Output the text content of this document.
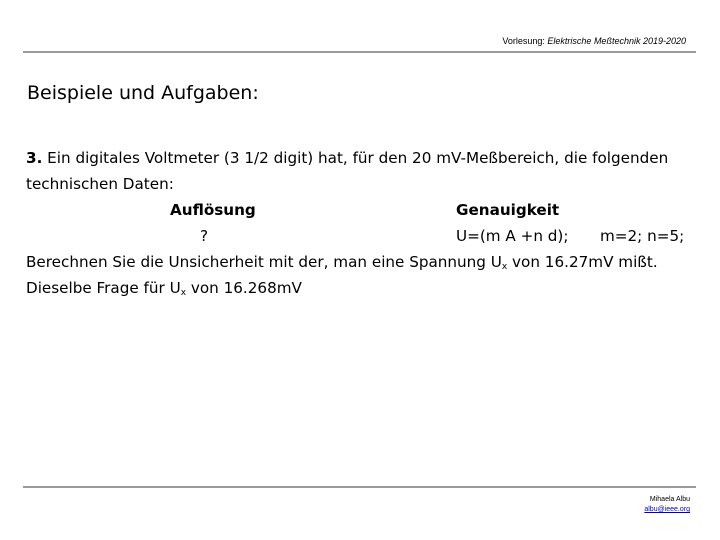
Vorlesung: Elektrische Meßtechnik 2019-2020
Beispiele und Aufgaben:
3. Ein digitales Voltmeter (3 1/2 digit) hat, für den 20 mV-Meßbereich, die folgenden
technischen Daten:
Auflösung	Genauigkeit
?	U=(m A +n d); m=2; n=5;
Berechnen Sie die Unsicherheit mit der, man eine Spannung $U_x$ von 16.27mV mißt.
Dieselbe Frage für $U_x$ von 16.268mV
Mihaela Albu
albu@ieee.org
